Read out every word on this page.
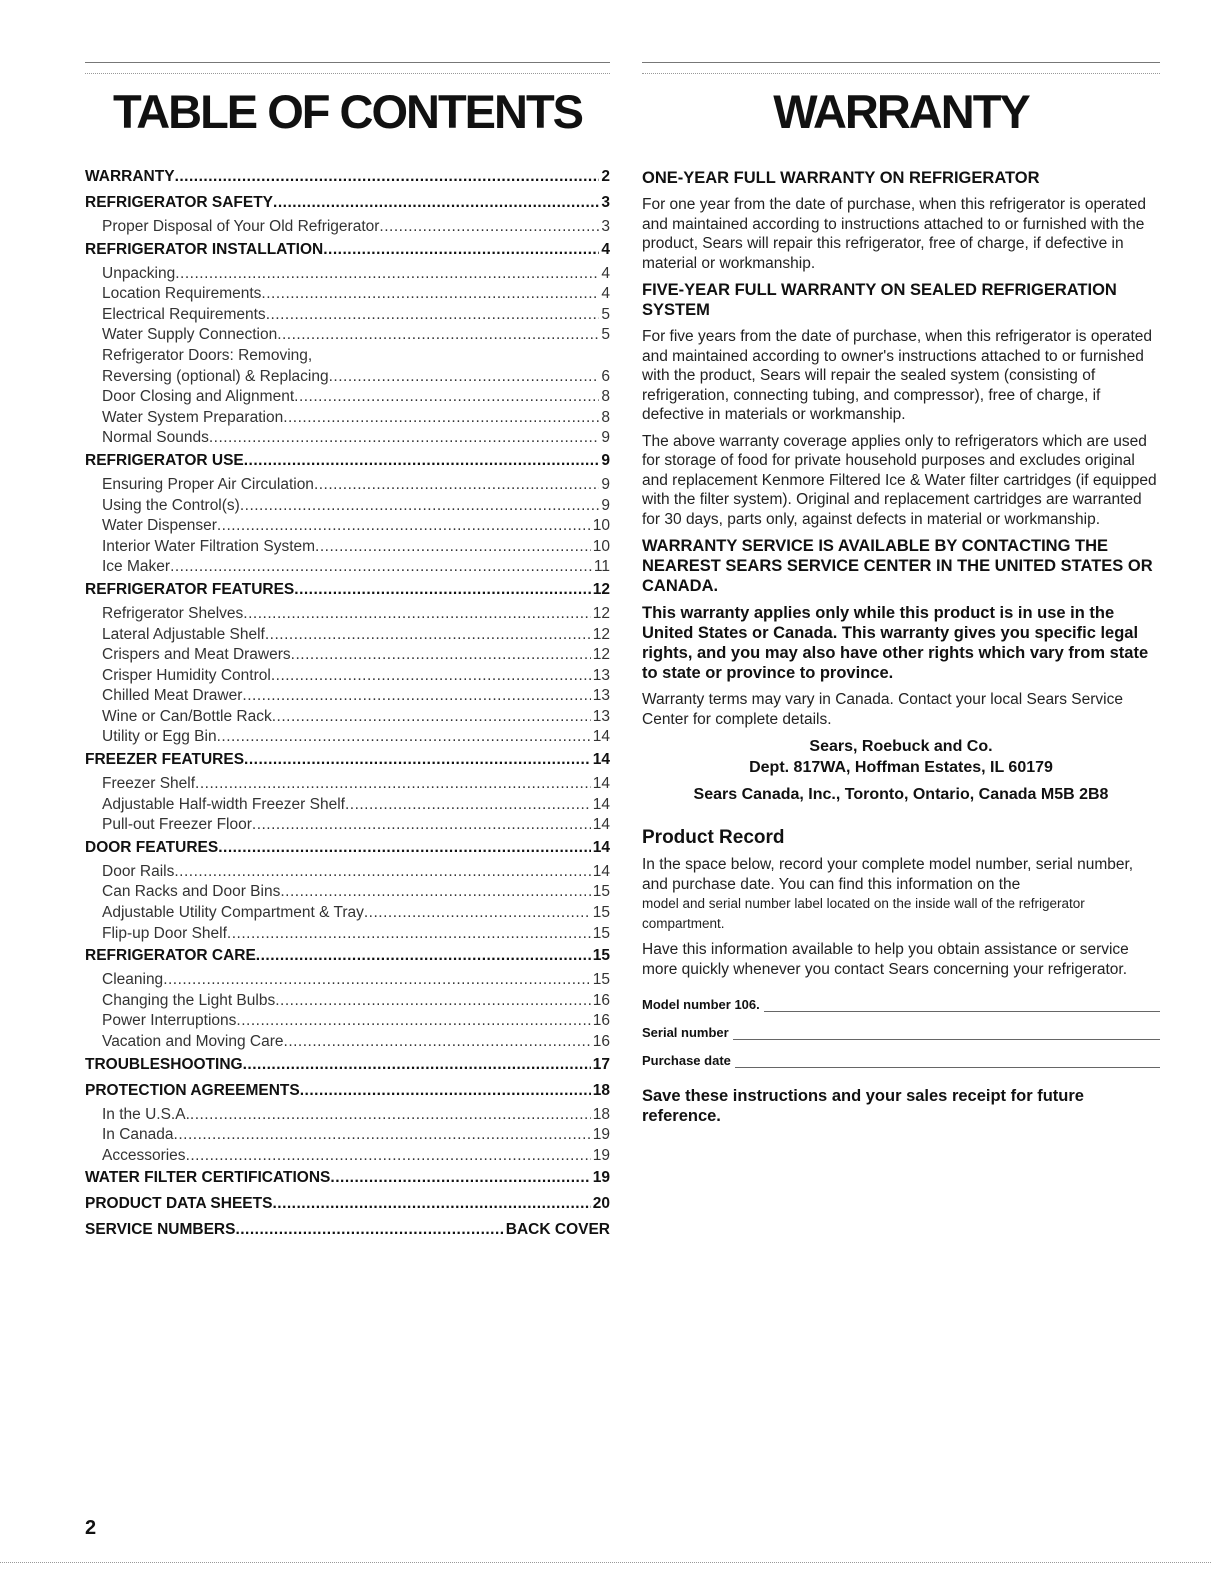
TABLE OF CONTENTS
WARRANTY .....	2
REFRIGERATOR SAFETY .....	3
Proper Disposal of Your Old Refrigerator .....	3
REFRIGERATOR INSTALLATION .....	4
Unpacking .....	4
Location Requirements .....	4
Electrical Requirements .....	5
Water Supply Connection .....	5
Refrigerator Doors: Removing,
Reversing (optional) & Replacing .....	6
Door Closing and Alignment .....	8
Water System Preparation .....	8
Normal Sounds .....	9
REFRIGERATOR USE .....	9
Ensuring Proper Air Circulation .....	9
Using the Control(s) .....	9
Water Dispenser .....	10
Interior Water Filtration System .....	10
Ice Maker .....	11
REFRIGERATOR FEATURES .....	12
Refrigerator Shelves .....	12
Lateral Adjustable Shelf .....	12
Crispers and Meat Drawers .....	12
Crisper Humidity Control .....	13
Chilled Meat Drawer .....	13
Wine or Can/Bottle Rack .....	13
Utility or Egg Bin .....	14
FREEZER FEATURES .....	14
Freezer Shelf .....	14
Adjustable Half-width Freezer Shelf .....	14
Pull-out Freezer Floor .....	14
DOOR FEATURES .....	14
Door Rails .....	14
Can Racks and Door Bins .....	15
Adjustable Utility Compartment & Tray .....	15
Flip-up Door Shelf .....	15
REFRIGERATOR CARE .....	15
Cleaning .....	15
Changing the Light Bulbs .....	16
Power Interruptions .....	16
Vacation and Moving Care .....	16
TROUBLESHOOTING .....	17
PROTECTION AGREEMENTS .....	18
In the U.S.A. .....	18
In Canada .....	19
Accessories .....	19
WATER FILTER CERTIFICATIONS .....	19
PRODUCT DATA SHEETS .....	20
SERVICE NUMBERS .....	BACK COVER
WARRANTY
ONE-YEAR FULL WARRANTY ON REFRIGERATOR
For one year from the date of purchase, when this refrigerator is operated and maintained according to instructions attached to or furnished with the product, Sears will repair this refrigerator, free of charge, if defective in material or workmanship.
FIVE-YEAR FULL WARRANTY ON SEALED REFRIGERATION SYSTEM
For five years from the date of purchase, when this refrigerator is operated and maintained according to owner's instructions attached to or furnished with the product, Sears will repair the sealed system (consisting of refrigeration, connecting tubing, and compressor), free of charge, if defective in materials or workmanship.
The above warranty coverage applies only to refrigerators which are used for storage of food for private household purposes and excludes original and replacement Kenmore Filtered Ice & Water filter cartridges (if equipped with the filter system). Original and replacement cartridges are warranted for 30 days, parts only, against defects in material or workmanship.
WARRANTY SERVICE IS AVAILABLE BY CONTACTING THE NEAREST SEARS SERVICE CENTER IN THE UNITED STATES OR CANADA.
This warranty applies only while this product is in use in the United States or Canada. This warranty gives you specific legal rights, and you may also have other rights which vary from state to state or province to province.
Warranty terms may vary in Canada. Contact your local Sears Service Center for complete details.
Sears, Roebuck and Co.
Dept. 817WA, Hoffman Estates, IL 60179
Sears Canada, Inc., Toronto, Ontario, Canada M5B 2B8
Product Record
In the space below, record your complete model number, serial number, and purchase date. You can find this information on the
model and serial number label located on the inside wall of the refrigerator compartment.
Have this information available to help you obtain assistance or service more quickly whenever you contact Sears concerning your refrigerator.
Model number 106.
Serial number
Purchase date
Save these instructions and your sales receipt for future reference.
2
